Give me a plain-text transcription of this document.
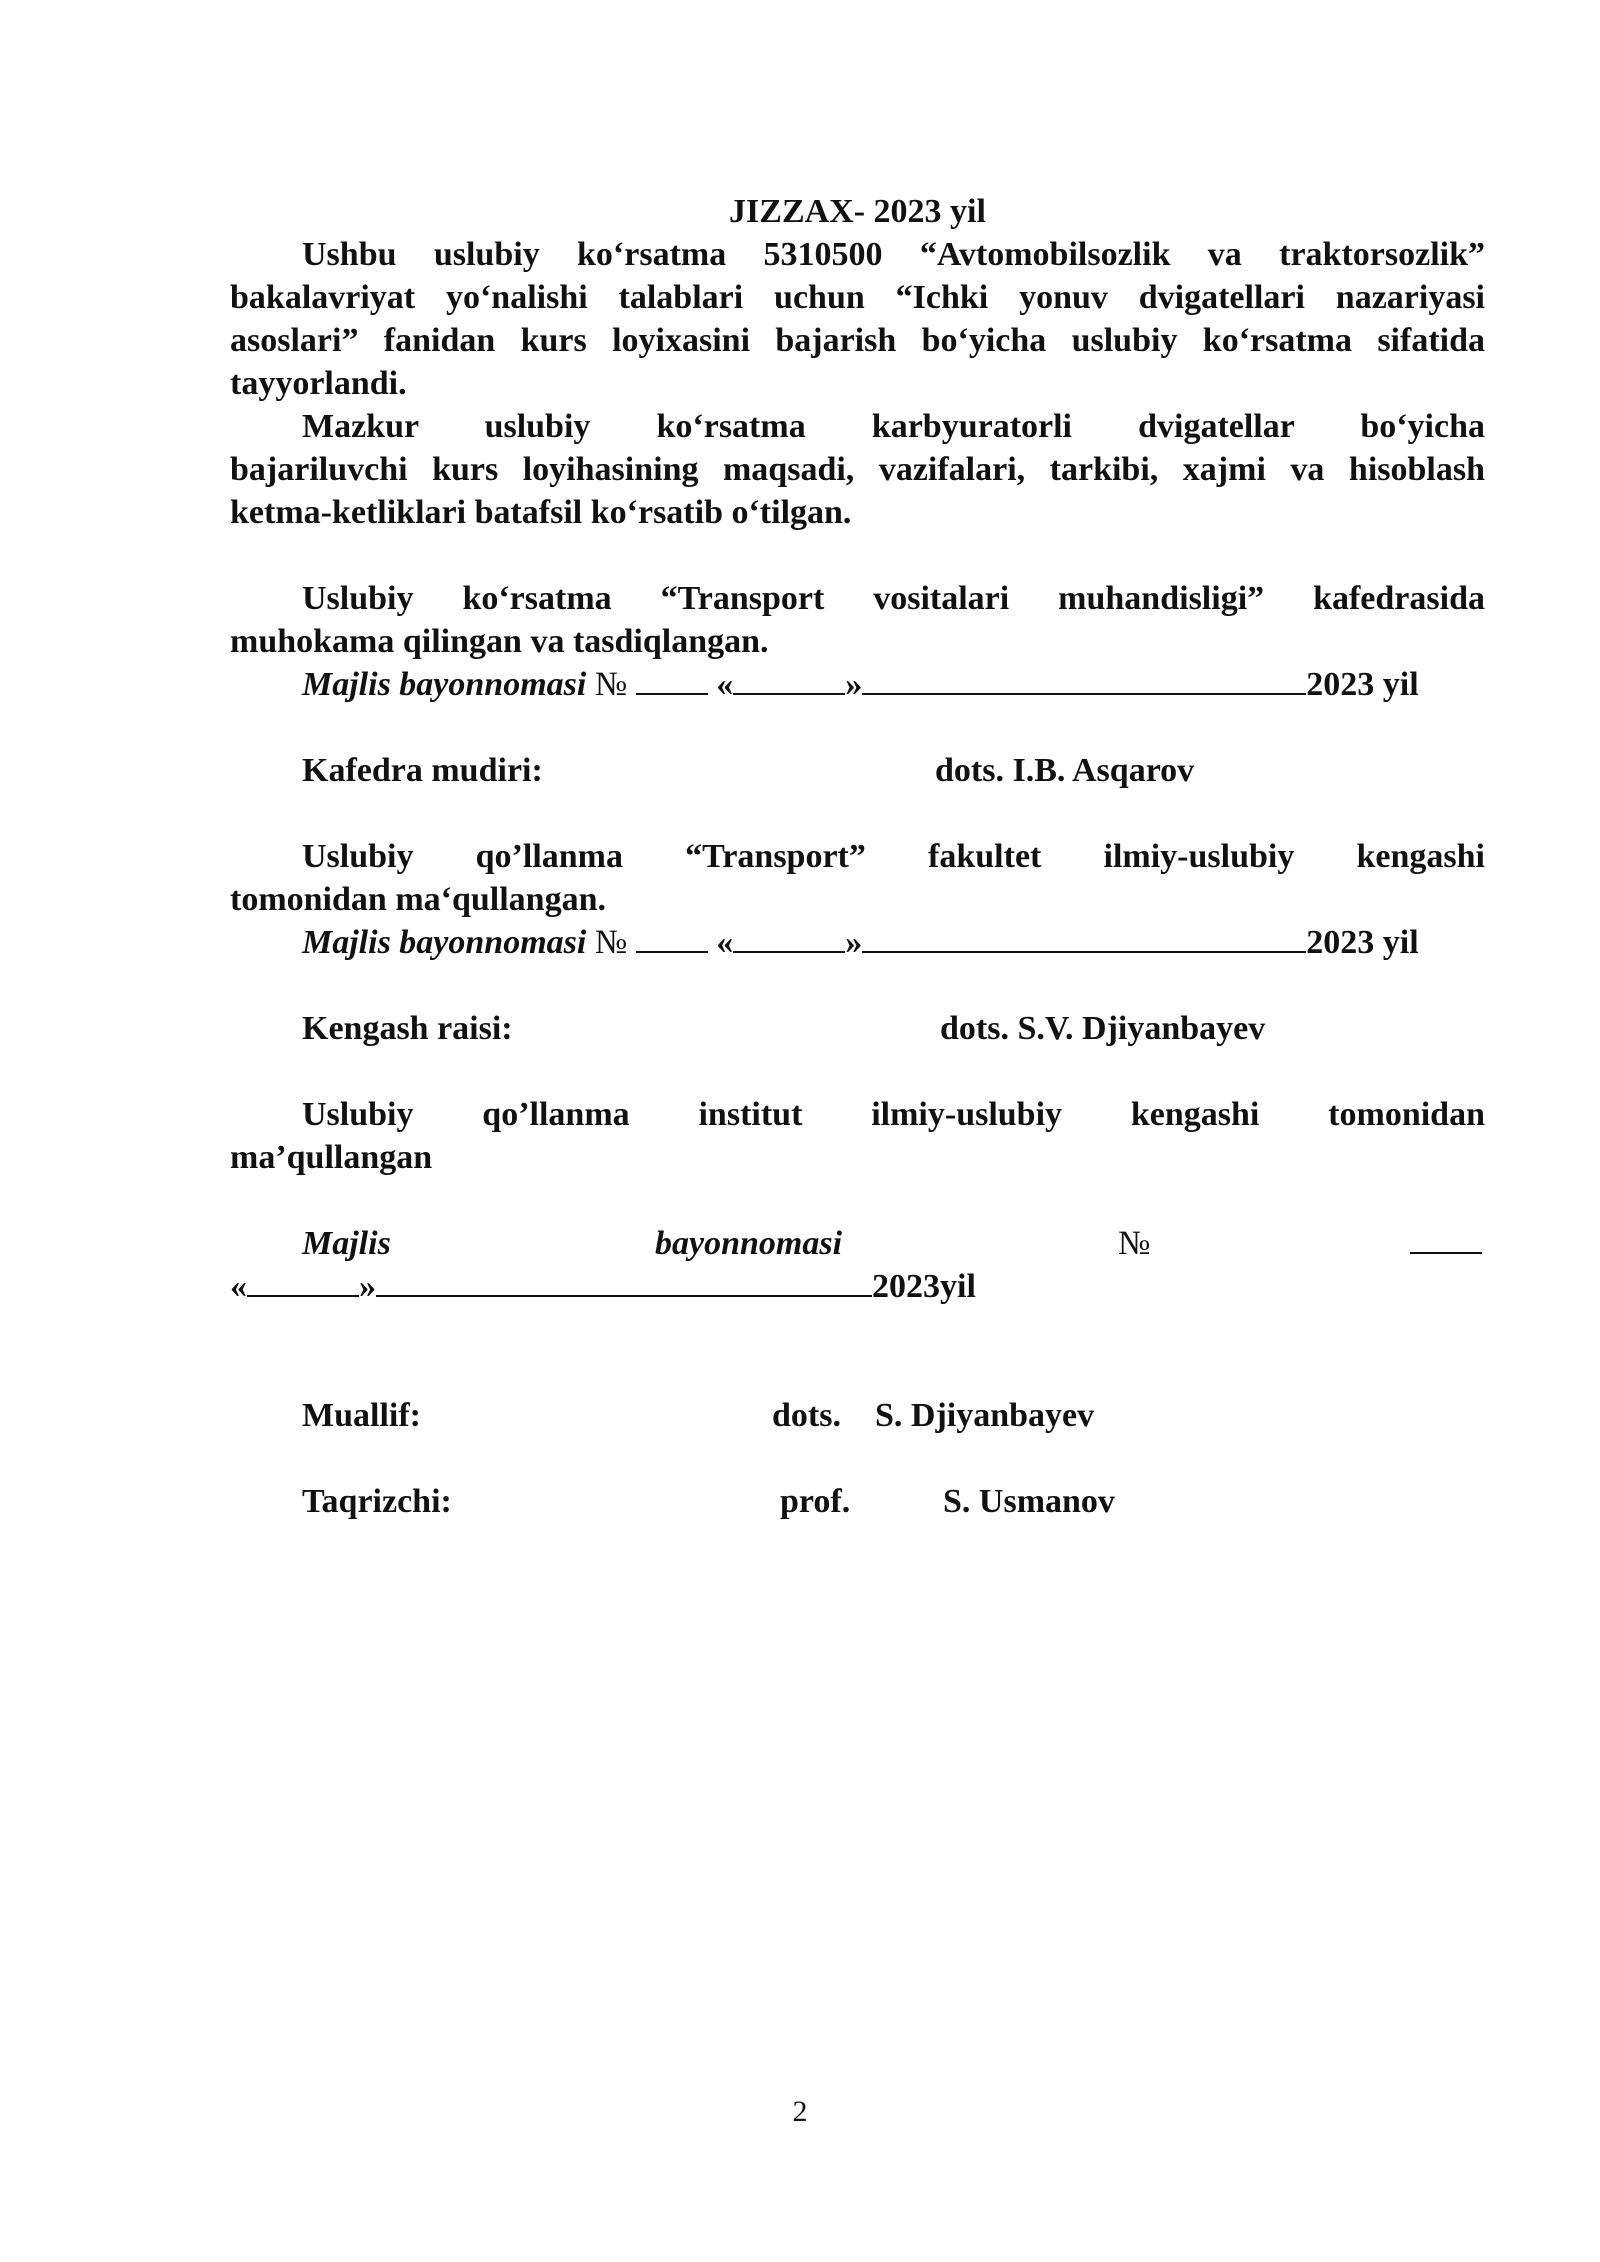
JIZZAX- 2023 yil
Ushbu uslubiy ko‘rsatma 5310500 “Avtomobilsozlik va traktorsozlik”
bakalavriyat yo‘nalishi talablari uchun “Ichki yonuv dvigatellari nazariyasi
asoslari” fanidan kurs loyixasini bajarish bo‘yicha uslubiy ko‘rsatma sifatida
tayyorlandi.
Mazkur uslubiy ko‘rsatma karbyuratorli dvigatellar bo‘yicha
bajariluvchi kurs loyihasining maqsadi, vazifalari, tarkibi, xajmi va hisoblash
ketma-ketliklari batafsil ko‘rsatib o‘tilgan.
Uslubiy ko‘rsatma “Transport vositalari muhandisligi” kafedrasida
muhokama qilingan va tasdiqlangan.
Majlis bayonnomasi №	«	»	2023 yil
Kafedra mudiri:	dots. I.B. Asqarov
Uslubiy qo’llanma “Transport” fakultet ilmiy-uslubiy kengashi
tomonidan ma‘qullangan.
Majlis bayonnomasi №	«	»	2023 yil
Kengash raisi:	dots. S.V. Djiyanbayev
Uslubiy qo’llanma institut ilmiy-uslubiy kengashi tomonidan
ma’qullangan
Majlis	bayonnomasi	№
«	»	2023yil
Muallif:	dots. S. Djiyanbayev
Taqrizchi:	prof.	S. Usmanov
2
